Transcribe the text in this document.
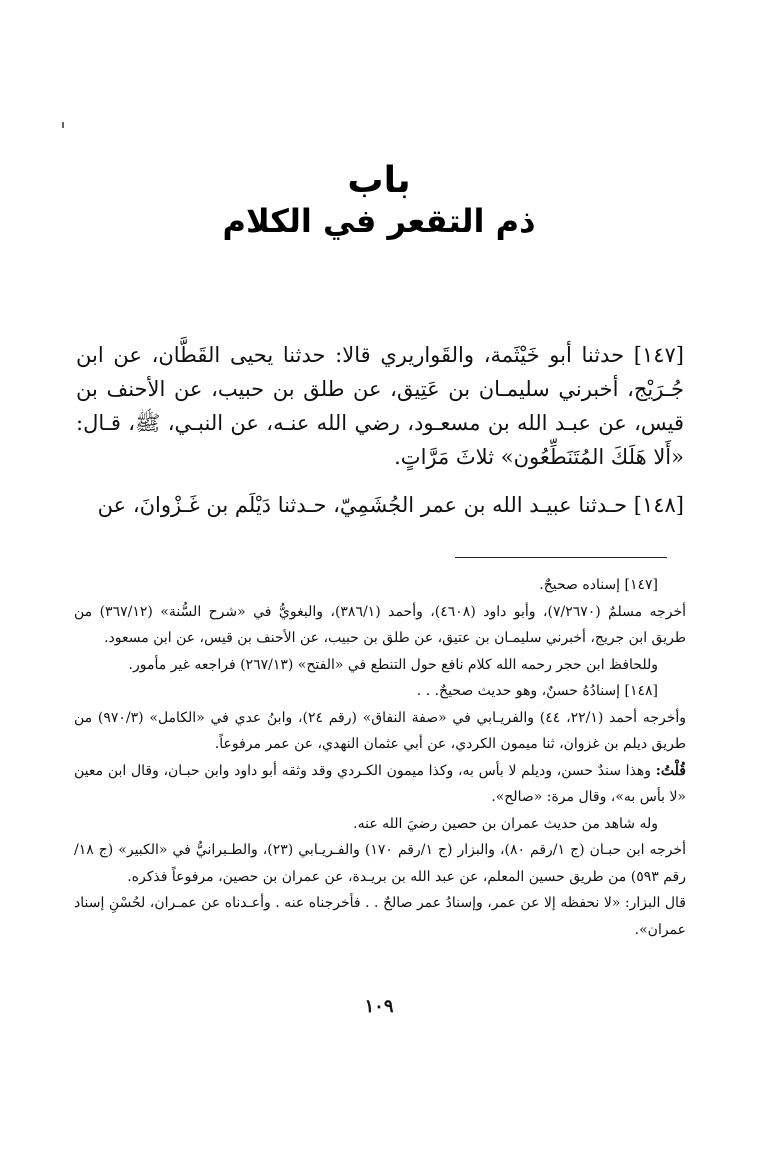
باب
ذم التقعر في الكلام

[١٤٧] حدثنا أبو خَيْثَمة، والقَواريري قالا: حدثنا يحيى القَطَّان، عن ابن جُـرَيْج، أخبرني سليمـان بن عَتِيق، عن طلق بن حبيب، عن الأحنف بن قيس، عن عبـد الله بن مسعـود، رضي الله عنـه، عن النبـي، ﷺ، قـال: «أَلا هَلَكَ المُتَنَطِّعُون» ثلاثَ مَرَّاتٍ.

[١٤٨] حـدثنا عبيـد الله بن عمر الجُشَمِيّ، حـدثنا دَيْلَم بن غَـزْوانَ، عن

[١٤٧] إسناده صحيحٌ.

أخرجه مسلمٌ (٧/٢٦٧٠)، وأبو داود (٤٦٠٨)، وأحمد (٣٨٦/١)، والبغويُّ في «شرح السُّنة» (٣٦٧/١٢) من طريق ابن جريج، أخبرني سليمـان بن عتيق، عن طلق بن حبيب، عن الأحنف بن قيس، عن ابن مسعود.

وللحافظ ابن حجر رحمه الله كلام نافع حول التنطع في «الفتح» (٢٦٧/١٣) فراجعه غير مأمور.

[١٤٨] إسنادُهُ حسنٌ، وهو حديث صحيحٌ. . .

وأخرجه أحمد (٢٢/١، ٤٤) والفريـابي في «صفة النفاق» (رقم ٢٤)، وابنُ عدي في «الكامل» (٩٧٠/٣) من طريق ديلم بن غزوان، ثنا ميمون الكردي، عن أبي عثمان النهدي، عن عمر مرفوعاً.

قُلْتُ: وهذا سندٌ حسن، وديلم لا بأس به، وكذا ميمون الكـردي وقد وثقه أبو داود وابن حبـان، وقال ابن معين «لا بأس به»، وقال مرة: «صالح».

وله شاهد من حديث عمران بن حصين رضيَ الله عنه.

أخرجه ابن حبـان (ج ١/رقم ٨٠)، والبزار (ج ١/رقم ١٧٠) والفـريـابي (٢٣)، والطـبرانيُّ في «الكبير» (ج ١٨/رقم ٥٩٣) من طريق حسين المعلم، عن عبد الله بن بريـدة، عن عمران بن حصين، مرفوعاً فذكره.

قال البزار: «لا نحفظه إلا عن عمر، وإسنادُ عمر صالحٌ . . فأخرجناه عنه . وأعـدناه عن عمـران، لحُسْنِ إسناد عمران».

١٠٩
